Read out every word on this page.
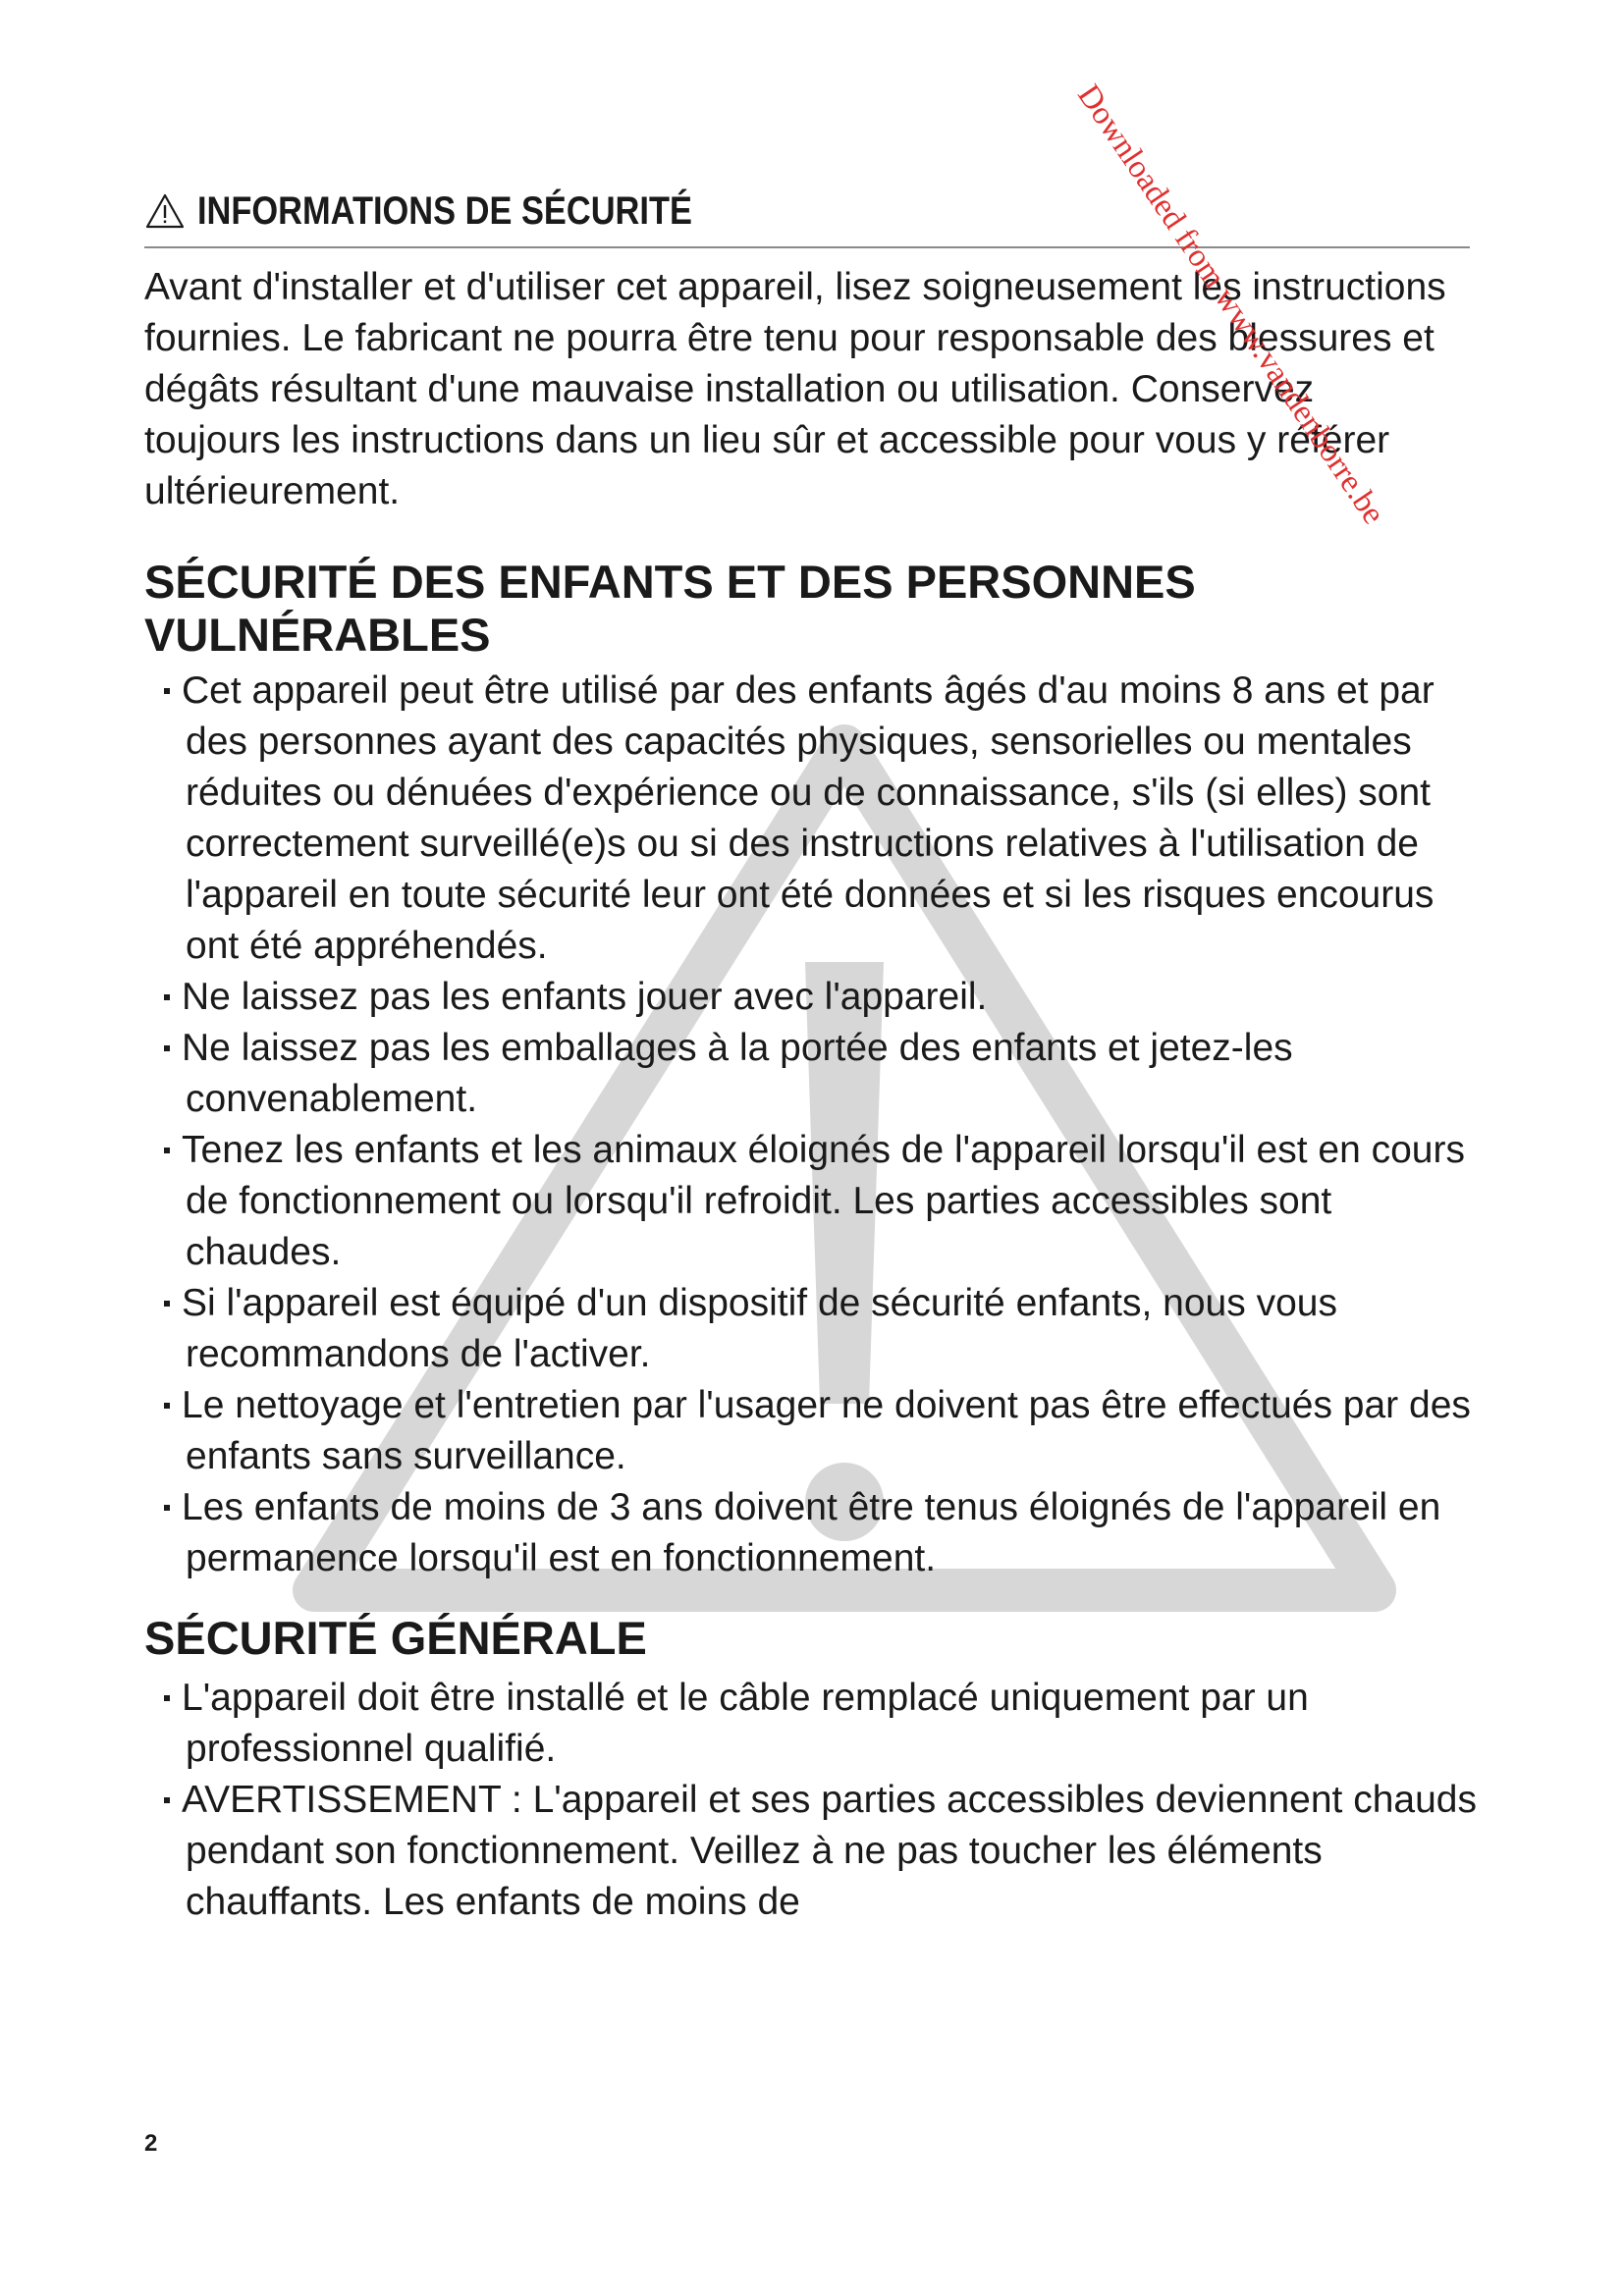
Downloaded from www.vandenborre.be
INFORMATIONS DE SÉCURITÉ

Avant d'installer et d'utiliser cet appareil, lisez soigneusement les instructions fournies. Le fabricant ne pourra être tenu pour responsable des blessures et dégâts résultant d'une mauvaise installation ou utilisation. Conservez toujours les instructions dans un lieu sûr et accessible pour vous y référer ultérieurement.

SÉCURITÉ DES ENFANTS ET DES PERSONNES VULNÉRABLES
Cet appareil peut être utilisé par des enfants âgés d'au moins 8 ans et par des personnes ayant des capacités physiques, sensorielles ou mentales réduites ou dénuées d'expérience ou de connaissance, s'ils (si elles) sont correctement surveillé(e)s ou si des instructions relatives à l'utilisation de l'appareil en toute sécurité leur ont été données et si les risques encourus ont été appréhendés.
Ne laissez pas les enfants jouer avec l'appareil.
Ne laissez pas les emballages à la portée des enfants et jetez-les convenablement.
Tenez les enfants et les animaux éloignés de l'appareil lorsqu'il est en cours de fonctionnement ou lorsqu'il refroidit. Les parties accessibles sont chaudes.
Si l'appareil est équipé d'un dispositif de sécurité enfants, nous vous recommandons de l'activer.
Le nettoyage et l'entretien par l'usager ne doivent pas être effectués par des enfants sans surveillance.
Les enfants de moins de 3 ans doivent être tenus éloignés de l'appareil en permanence lorsqu'il est en fonctionnement.
SÉCURITÉ GÉNÉRALE
L'appareil doit être installé et le câble remplacé uniquement par un professionnel qualifié.
AVERTISSEMENT : L'appareil et ses parties accessibles deviennent chauds pendant son fonctionnement. Veillez à ne pas toucher les éléments chauffants. Les enfants de moins de
2
